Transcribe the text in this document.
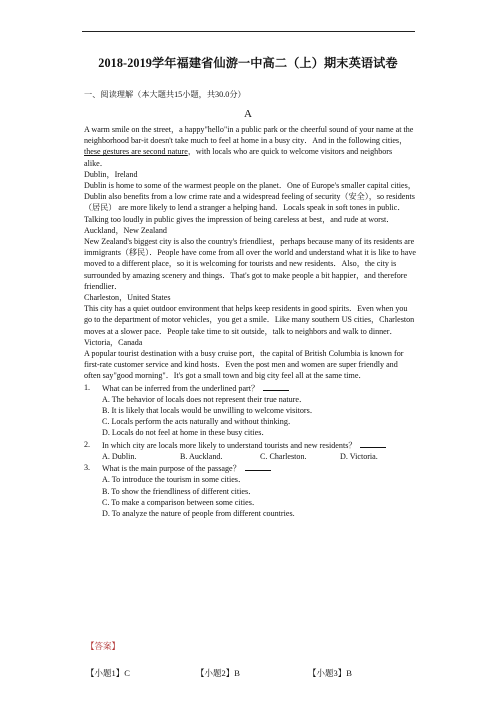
2018-2019学年福建省仙游一中高二（上）期末英语试卷
一、阅读理解（本大题共15小题，共30.0分）
A

A warm smile on the street，a happy"hello"in a public park or the cheerful sound of your name at the neighborhood bar-it doesn't take much to feel at home in a busy city．And in the following cities，these gestures are second nature，with locals who are quick to welcome visitors and neighbors alike．

Dublin，Ireland

Dublin is home to some of the warmest people on the planet．One of Europe's smaller capital cities，Dublin also benefits from a low crime rate and a widespread feeling of security（安全），so residents（居民） are more likely to lend a stranger a helping hand．Locals speak in soft tones in public．Talking too loudly in public gives the impression of being careless at best，and rude at worst．

Auckland，New Zealand

New Zealand's biggest city is also the country's friendliest，perhaps because many of its residents are immigrants（移民）．People have come from all over the world and understand what it is like to have moved to a different place，so it is welcoming for tourists and new residents．Also，the city is surrounded by amazing scenery and things．That's got to make people a bit happier，and therefore friendlier．

Charleston，United States

This city has a quiet outdoor environment that helps keep residents in good spirits．Even when you go to the department of motor vehicles，you get a smile．Like many southern US cities，Charleston moves at a slower pace．People take time to sit outside，talk to neighbors and walk to dinner．

Victoria，Canada

A popular tourist destination with a busy cruise port，the capital of British Columbia is known for first-rate customer service and kind hosts．Even the post men and women are super friendly and often say"good morning"．It's got a small town and big city feel all at the same time．

1. What can be inferred from the underlined part？

A. The behavior of locals does not represent their true nature．

B. It is likely that locals would be unwilling to welcome visitors．

C. Locals perform the acts naturally and without thinking．

D. Locals do not feel at home in these busy cities．

2. In which city are locals more likely to understand tourists and new residents？

A. Dublin.	B. Auckland.	C. Charleston.	D. Victoria.

3. What is the main purpose of the passage？

A. To introduce the tourism in some cities．

B. To show the friendliness of different cities．

C. To make a comparison between some cities．

D. To analyze the nature of people from different countries.

【答案】
【小题1】C	【小题2】B	【小题3】B
